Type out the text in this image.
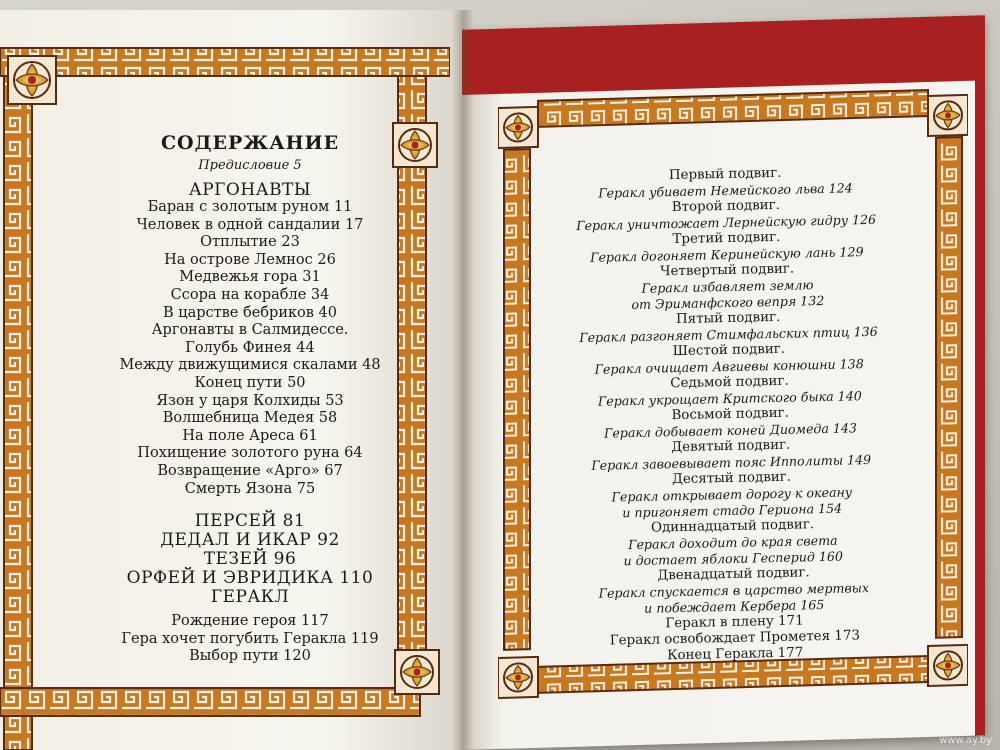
СОДЕРЖАНИЕ
Предисловие 5
АРГОНАВТЫ
Баран с золотым руном 11
Человек в одной сандалии 17
Отплытие 23
На острове Лемнос 26
Медвежья гора 31
Ссора на корабле 34
В царстве бебриков 40
Аргонавты в Салмидессе.
Голубь Финея 44
Между движущимися скалами 48
Конец пути 50
Язон у царя Колхиды 53
Волшебница Медея 58
На поле Ареса 61
Похищение золотого руна 64
Возвращение «Арго» 67
Смерть Язона 75
ПЕРСЕЙ 81
ДЕДАЛ И ИКАР 92
ТЕЗЕЙ 96
ОРФЕЙ И ЭВРИДИКА 110
ГЕРАКЛ
Рождение героя 117
Гера хочет погубить Геракла 119
Выбор пути 120
Первый подвиг.
Геракл убивает Немейского льва 124
Второй подвиг.
Геракл уничтожает Лернейскую гидру 126
Третий подвиг.
Геракл догоняет Керинейскую лань 129
Четвертый подвиг.
Геракл избавляет землю
от Эриманфского вепря 132
Пятый подвиг.
Геракл разгоняет Стимфальских птиц 136
Шестой подвиг.
Геракл очищает Авгиевы конюшни 138
Седьмой подвиг.
Геракл укрощает Критского быка 140
Восьмой подвиг.
Геракл добывает коней Диомеда 143
Девятый подвиг.
Геракл завоевывает пояс Ипполиты 149
Десятый подвиг.
Геракл открывает дорогу к океану
и пригоняет стадо Гериона 154
Одиннадцатый подвиг.
Геракл доходит до края света
и достает яблоки Гесперид 160
Двенадцатый подвиг.
Геракл спускается в царство мертвых
и побеждает Кербера 165
Геракл в плену 171
Геракл освобождает Прометея 173
Конец Геракла 177
www.ay.by
